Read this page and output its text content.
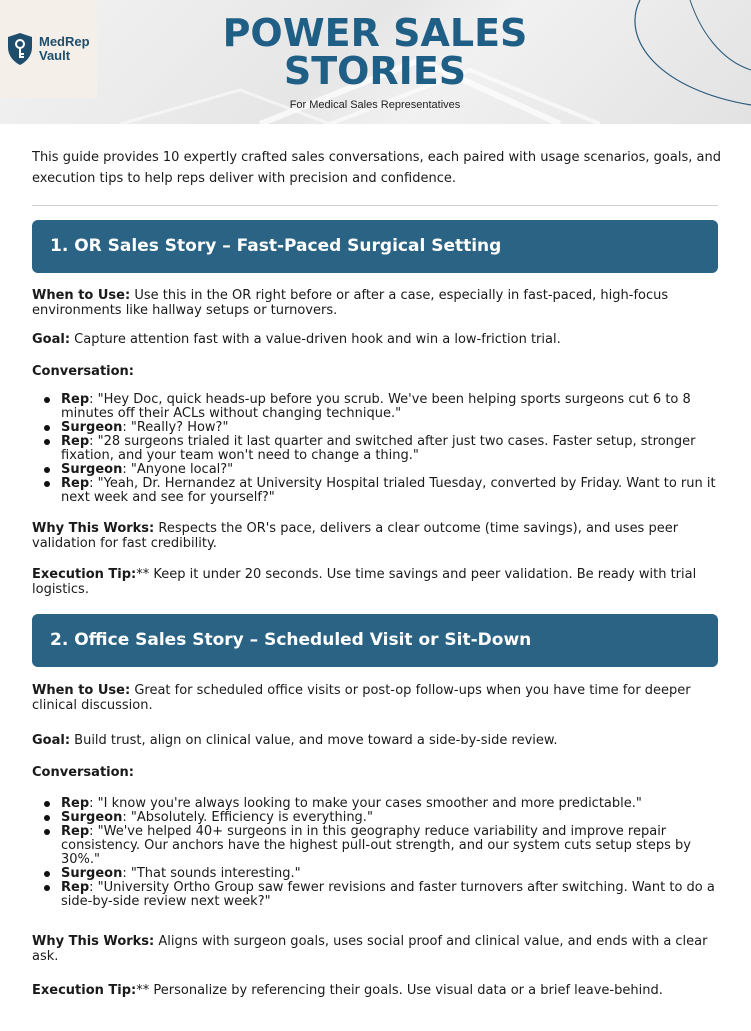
MedRep
Vault
POWER SALES
STORIES
For Medical Sales Representatives
This guide provides 10 expertly crafted sales conversations, each paired with usage scenarios, goals, and execution tips to help reps deliver with precision and confidence.
1. OR Sales Story – Fast-Paced Surgical Setting
When to Use: Use this in the OR right before or after a case, especially in fast-paced, high-focus environments like hallway setups or turnovers.
Goal: Capture attention fast with a value-driven hook and win a low-friction trial.
Conversation:
Rep: "Hey Doc, quick heads-up before you scrub. We've been helping sports surgeons cut 6 to 8 minutes off their ACLs without changing technique."
Surgeon: "Really? How?"
Rep: "28 surgeons trialed it last quarter and switched after just two cases. Faster setup, stronger fixation, and your team won't need to change a thing."
Surgeon: "Anyone local?"
Rep: "Yeah, Dr. Hernandez at University Hospital trialed Tuesday, converted by Friday. Want to run it next week and see for yourself?"
Why This Works: Respects the OR's pace, delivers a clear outcome (time savings), and uses peer validation for fast credibility.
Execution Tip:** Keep it under 20 seconds. Use time savings and peer validation. Be ready with trial logistics.
2. Office Sales Story – Scheduled Visit or Sit-Down
When to Use: Great for scheduled office visits or post-op follow-ups when you have time for deeper clinical discussion.
Goal: Build trust, align on clinical value, and move toward a side-by-side review.
Conversation:
Rep: "I know you're always looking to make your cases smoother and more predictable."
Surgeon: "Absolutely. Efficiency is everything."
Rep: "We've helped 40+ surgeons in in this geography reduce variability and improve repair consistency. Our anchors have the highest pull-out strength, and our system cuts setup steps by 30%."
Surgeon: "That sounds interesting."
Rep: "University Ortho Group saw fewer revisions and faster turnovers after switching. Want to do a side-by-side review next week?"
Why This Works: Aligns with surgeon goals, uses social proof and clinical value, and ends with a clear ask.
Execution Tip:** Personalize by referencing their goals. Use visual data or a brief leave-behind.
